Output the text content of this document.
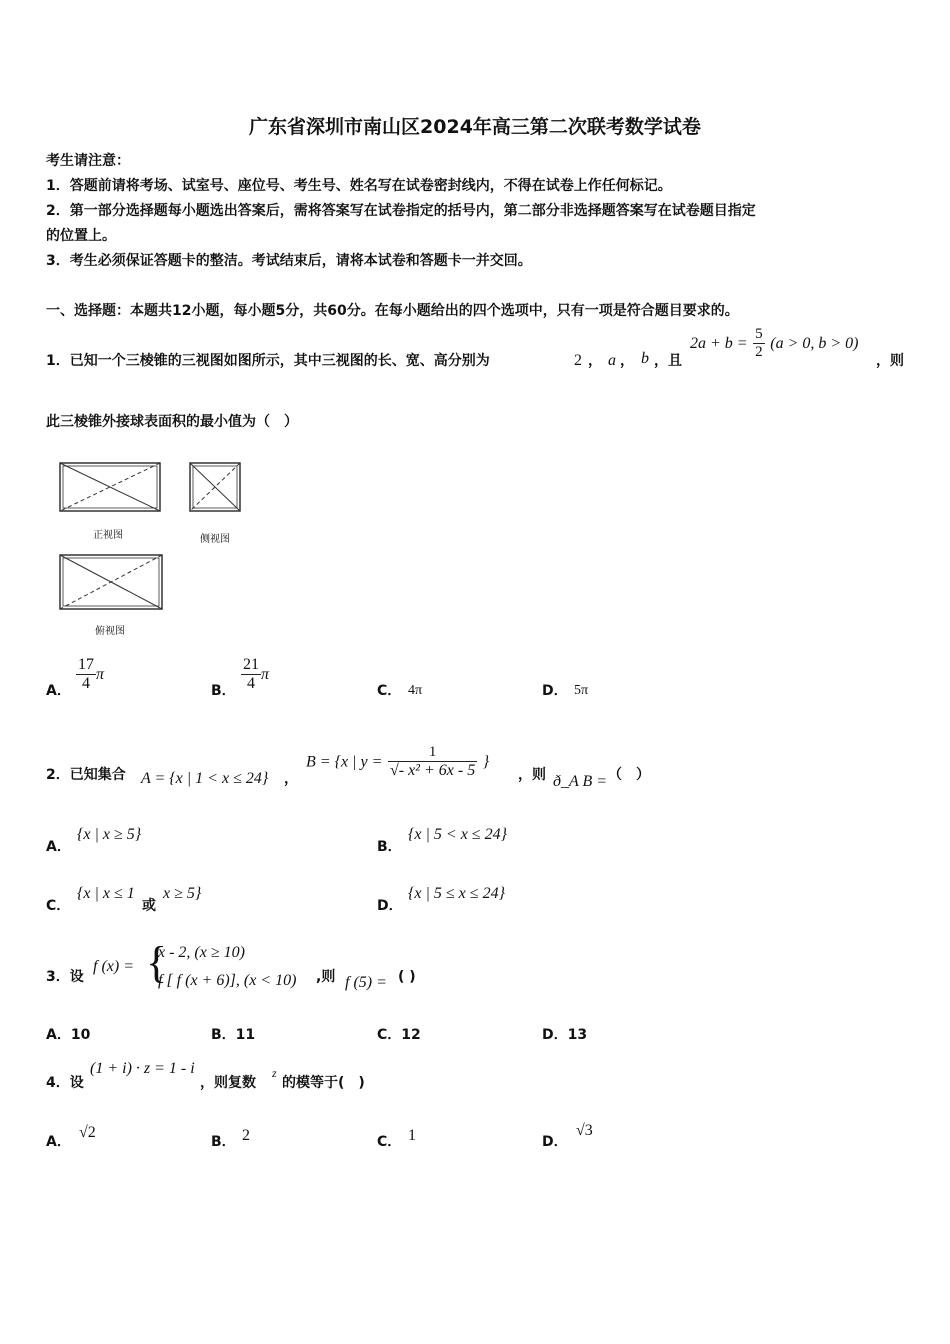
广东省深圳市南山区2024年高三第二次联考数学试卷
考生请注意：
1．答题前请将考场、试室号、座位号、考生号、姓名写在试卷密封线内，不得在试卷上作任何标记。
2．第一部分选择题每小题选出答案后，需将答案写在试卷指定的括号内，第二部分非选择题答案写在试卷题目指定
的位置上。
3．考生必须保证答题卡的整洁。考试结束后，请将本试卷和答题卡一并交回。
一、选择题：本题共12小题，每小题5分，共60分。在每小题给出的四个选项中，只有一项是符合题目要求的。
1．已知一个三棱锥的三视图如图所示，其中三视图的长、宽、高分别为	2 ， a ， b ，且
$2a + b = \frac{5}{2} (a > 0$, b > 0)
，则
此三棱锥外接球表面积的最小值为（　）
正视图	侧视图
俯视图
A． $\frac{17}{4}$ π
B． $\frac{21}{4}$ π
C． 4π	D． 5π
2．已知集合 A = {x | 1 < x ≤ 24} ，
B = {x | $y = \frac{1}{\text{√- x² + 6x - 5}}$ }
，则 ð_A B = （　）
A．
{x | x ≥ 5}
B．
{x | 5 < x ≤ 24}
C．
{x | x ≤ 1
或
x ≥ 5}
D．
{x | 5 ≤ x ≤ 24}
3．设
f (x) = {
x - 2, (x ≥ 10)
f [ f (x + 6)], (x < 10) ,则 f (5) = ( )
A．10	B．11	C．12	D．13
4．设
(1 + i) · z = 1 - i
，则复数
z
的模等于(　)
A．
√2
B． 2	C． 1	D．
√3
